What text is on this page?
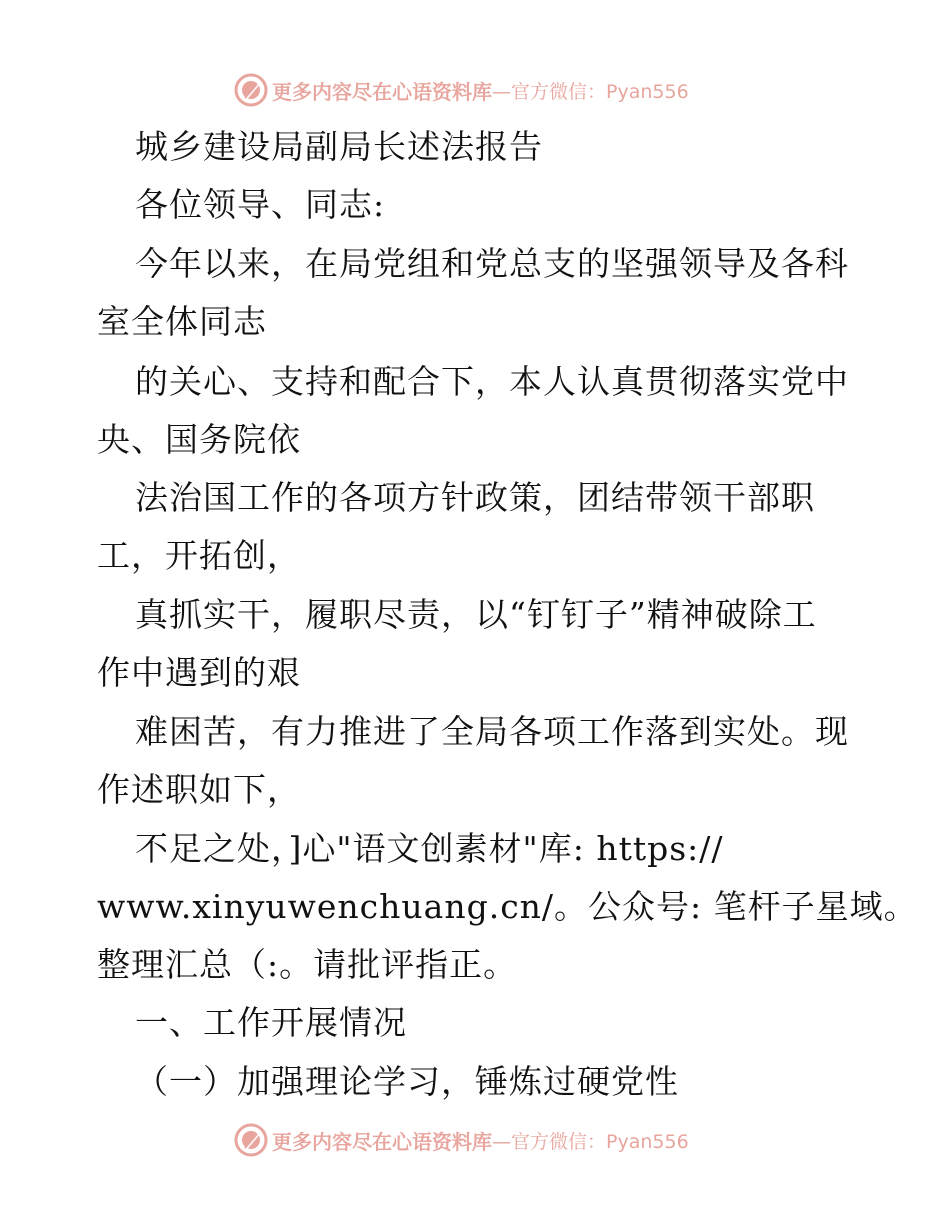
更多内容尽在心语资料库 —官方微信：Pyan556
城乡建设局副局长述法报告
各位领导、同志:
今年以来，在局党组和党总支的坚强领导及各科
室全体同志
的关心、支持和配合下，本人认真贯彻落实党中
央、国务院依
法治国工作的各项方针政策，团结带领干部职
工，开拓创，
真抓实干，履职尽责，以“钉钉子”精神破除工
作中遇到的艰
难困苦，有力推进了全局各项工作落到实处。现
作述职如下，
不足之处，]心"语文创素材"库: https://
www.xinyuwenchuang.cn/。公众号: 笔杆子星域。
整理汇总（:。请批评指正。
一、工作开展情况
（一）加强理论学习，锤炼过硬党性
更多内容尽在心语资料库 —官方微信：Pyan556
